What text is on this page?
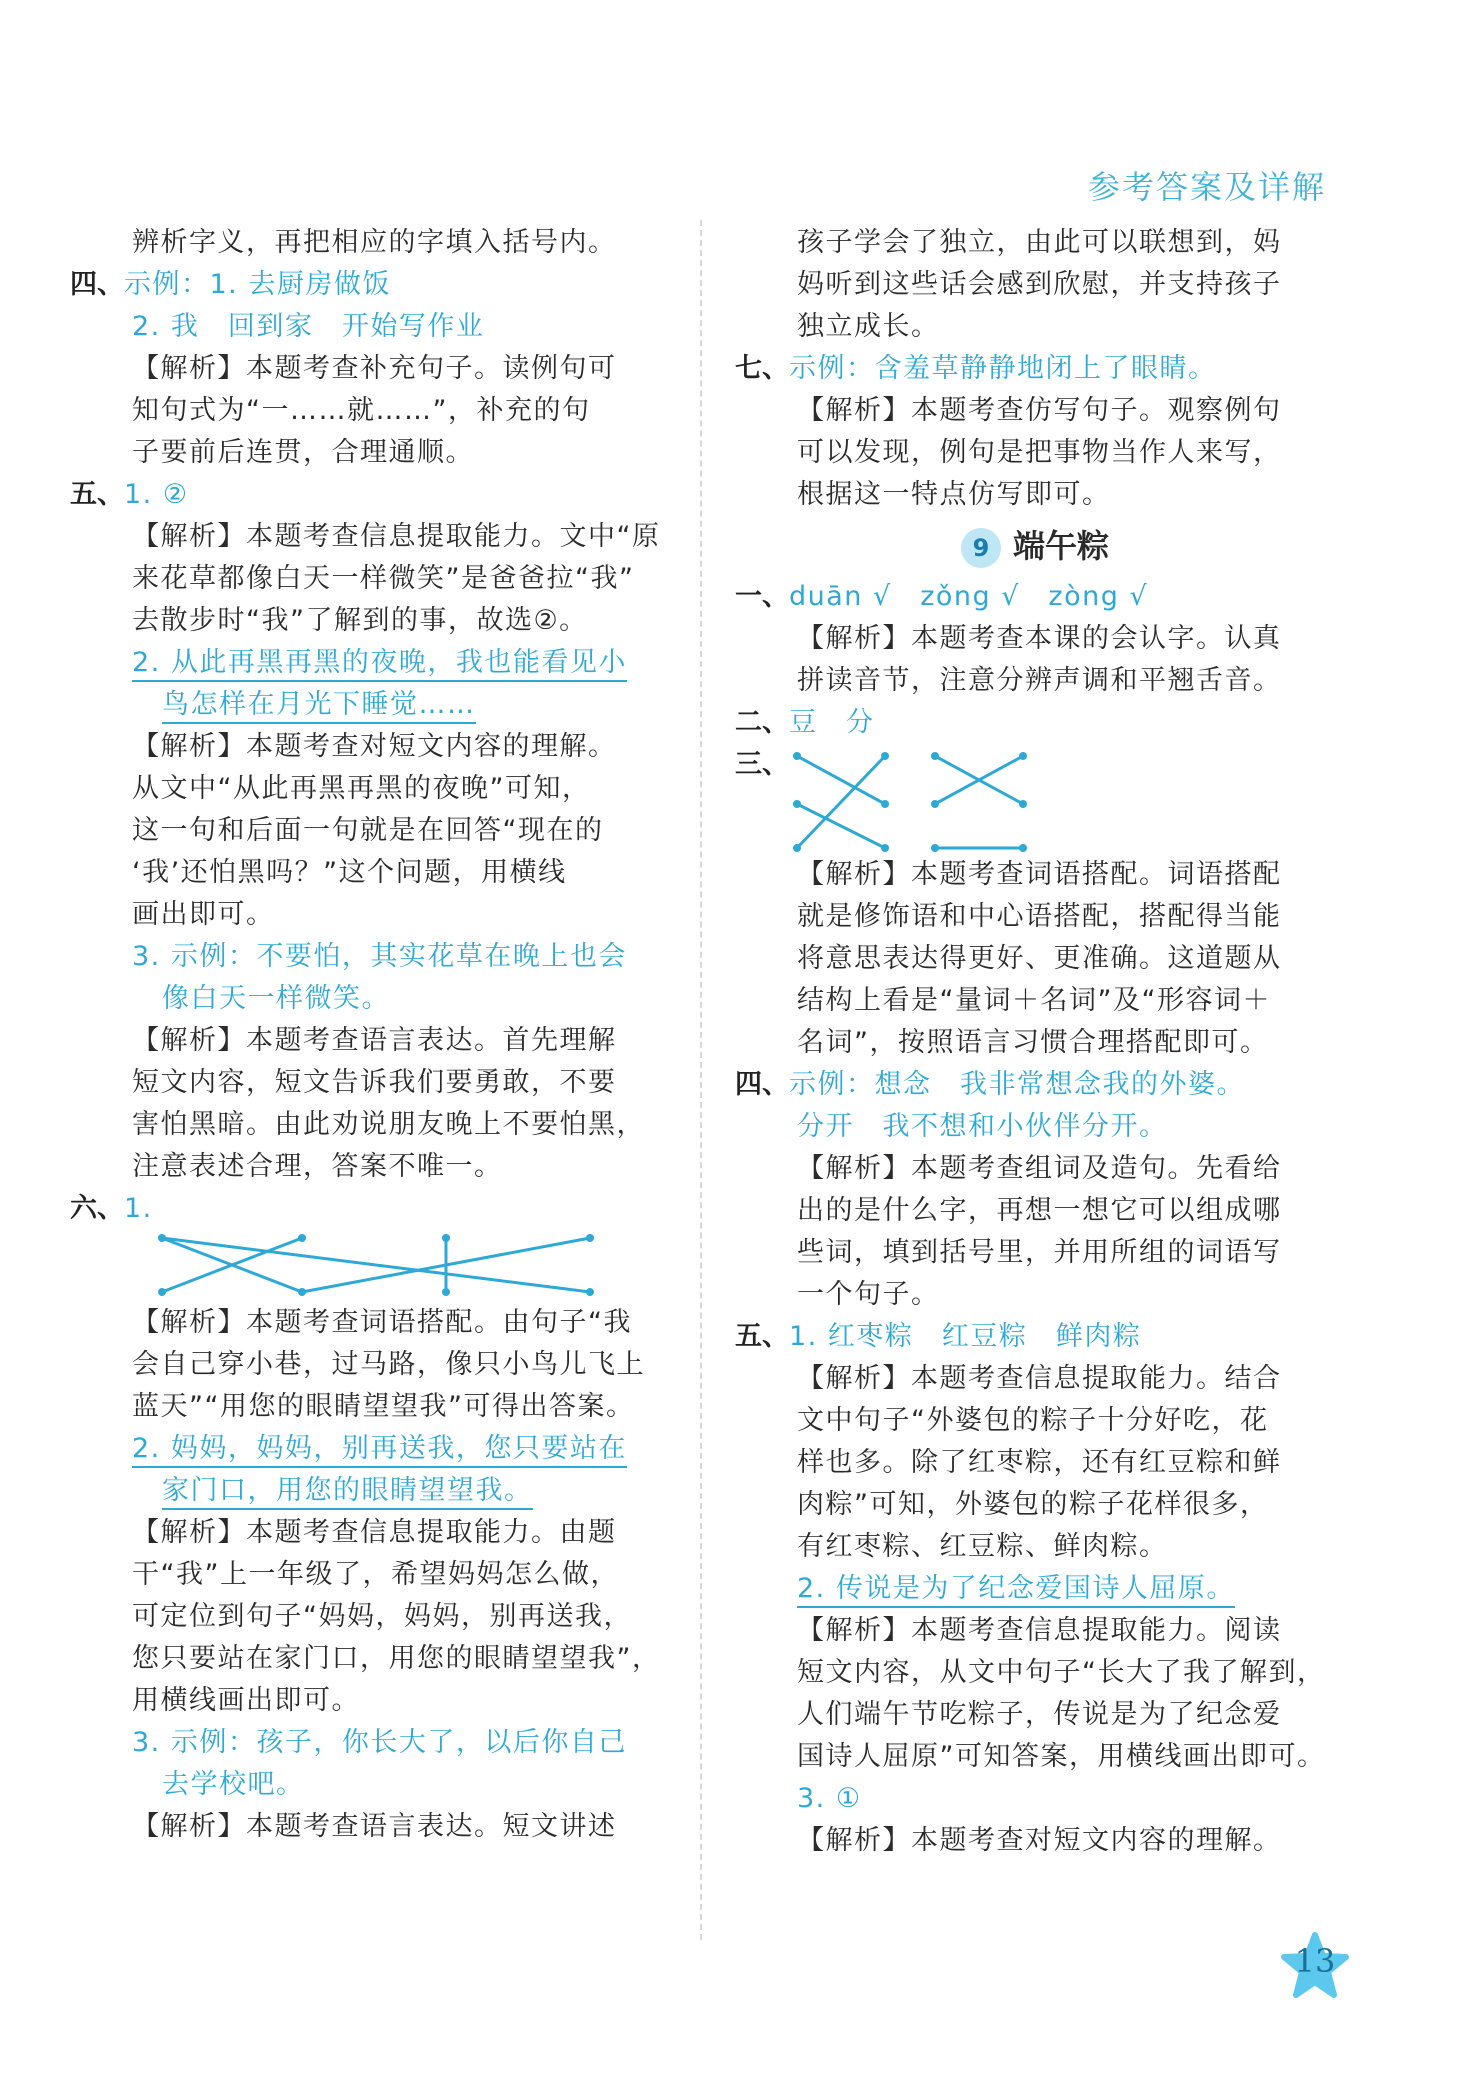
参考答案及详解
辨析字义，再把相应的字填入括号内。
四、示例：1. 去厨房做饭
2. 我　回到家　开始写作业
【解析】本题考查补充句子。读例句可
知句式为“一……就……”，补充的句
子要前后连贯，合理通顺。
五、1. ②
【解析】本题考查信息提取能力。文中“原
来花草都像白天一样微笑”是爸爸拉“我”
去散步时“我”了解到的事，故选②。
2. 从此再黑再黑的夜晚，我也能看见小
鸟怎样在月光下睡觉……
【解析】本题考查对短文内容的理解。
从文中“从此再黑再黑的夜晚”可知，
这一句和后面一句就是在回答“现在的
‘我’还怕黑吗？”这个问题，用横线
画出即可。
3. 示例：不要怕，其实花草在晚上也会
像白天一样微笑。
【解析】本题考查语言表达。首先理解
短文内容，短文告诉我们要勇敢，不要
害怕黑暗。由此劝说朋友晚上不要怕黑，
注意表述合理，答案不唯一。
六、1.
【解析】本题考查词语搭配。由句子“我
会自己穿小巷，过马路，像只小鸟儿飞上
蓝天”“用您的眼睛望望我”可得出答案。
2. 妈妈，妈妈，别再送我，您只要站在
家门口，用您的眼睛望望我。
【解析】本题考查信息提取能力。由题
干“我”上一年级了，希望妈妈怎么做，
可定位到句子“妈妈，妈妈，别再送我，
您只要站在家门口，用您的眼睛望望我”，
用横线画出即可。
3. 示例：孩子，你长大了，以后你自己
去学校吧。
【解析】本题考查语言表达。短文讲述
孩子学会了独立，由此可以联想到，妈
妈听到这些话会感到欣慰，并支持孩子
独立成长。
七、示例：含羞草静静地闭上了眼睛。
【解析】本题考查仿写句子。观察例句
可以发现，例句是把事物当作人来写，
根据这一特点仿写即可。
9 端午粽
一、duān √　zǒng √　zòng √
【解析】本题考查本课的会认字。认真
拼读音节，注意分辨声调和平翘舌音。
二、豆　分
三、
【解析】本题考查词语搭配。词语搭配
就是修饰语和中心语搭配，搭配得当能
将意思表达得更好、更准确。这道题从
结构上看是“量词＋名词”及“形容词＋
名词”，按照语言习惯合理搭配即可。
四、示例：想念　我非常想念我的外婆。
分开　我不想和小伙伴分开。
【解析】本题考查组词及造句。先看给
出的是什么字，再想一想它可以组成哪
些词，填到括号里，并用所组的词语写
一个句子。
五、1. 红枣粽　红豆粽　鲜肉粽
【解析】本题考查信息提取能力。结合
文中句子“外婆包的粽子十分好吃，花
样也多。除了红枣粽，还有红豆粽和鲜
肉粽”可知，外婆包的粽子花样很多，
有红枣粽、红豆粽、鲜肉粽。
2. 传说是为了纪念爱国诗人屈原。
【解析】本题考查信息提取能力。阅读
短文内容，从文中句子“长大了我了解到，
人们端午节吃粽子，传说是为了纪念爱
国诗人屈原”可知答案，用横线画出即可。
3. ①
【解析】本题考查对短文内容的理解。
13
